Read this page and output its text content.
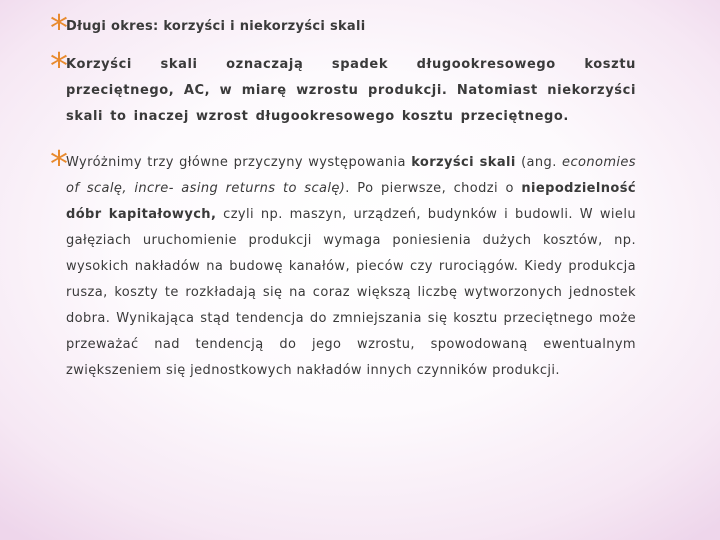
*
Długi okres: korzyści i niekorzyści skali
*
Korzyści skali oznaczają spadek długookresowego kosztu przeciętnego, AC, w miarę wzrostu produkcji. Natomiast niekorzyści skali to inaczej wzrost długookresowego kosztu przeciętnego.
*
Wyróżnimy trzy główne przyczyny występowania korzyści skali (ang. economies of scalę, incre- asing returns to scalę). Po pierwsze, chodzi o niepodzielność dóbr kapitałowych, czyli np. maszyn, urządzeń, budynków i budowli. W wielu gałęziach uruchomienie produkcji wymaga poniesienia dużych kosztów, np. wysokich nakładów na budowę kanałów, pieców czy rurociągów. Kiedy produkcja rusza, koszty te rozkładają się na coraz większą liczbę wytworzonych jednostek dobra. Wynikająca stąd tendencja do zmniejszania się kosztu przeciętnego może przeważać nad tendencją do jego wzrostu, spowodowaną ewentualnym zwiększeniem się jednostkowych nakładów innych czynników produkcji.
